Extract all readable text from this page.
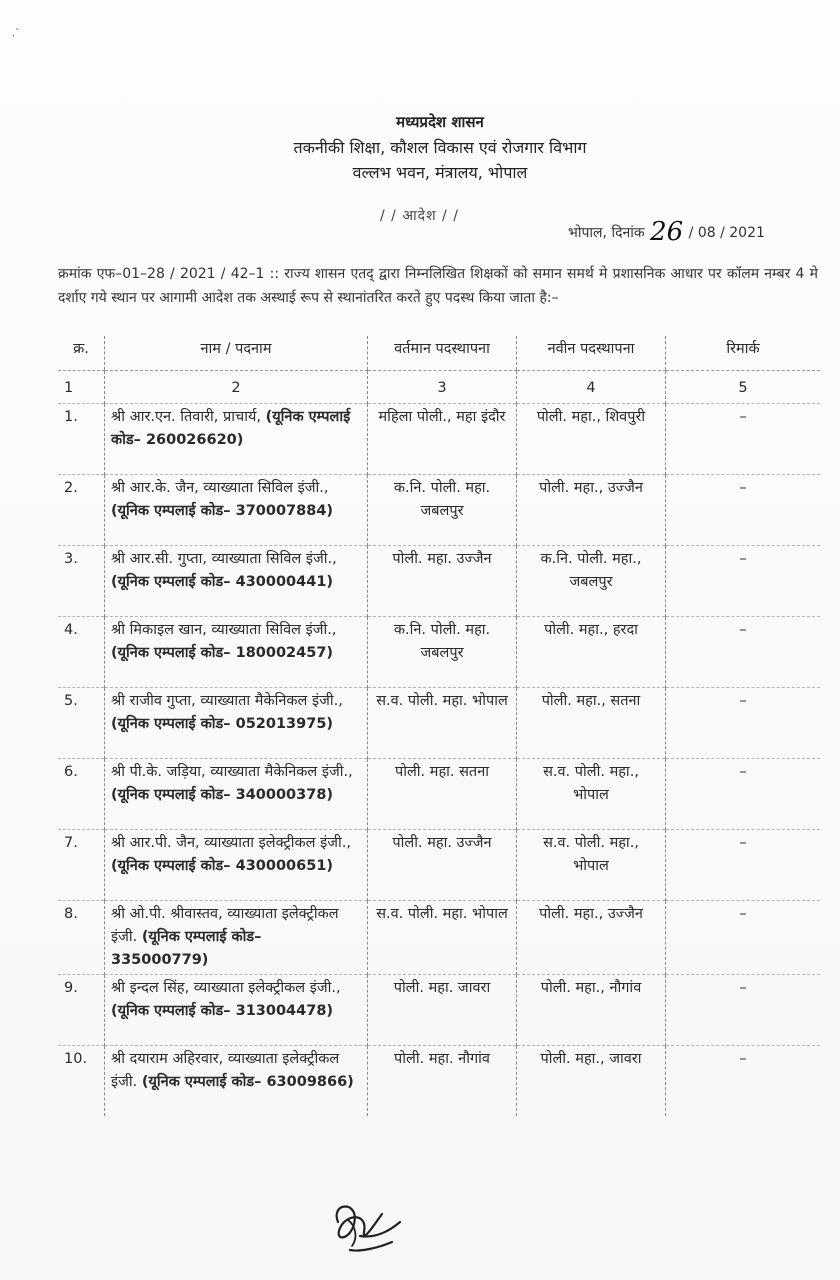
.`
मध्यप्रदेश शासन
तकनीकी शिक्षा, कौशल विकास एवं रोजगार विभाग
वल्लभ भवन, मंत्रालय, भोपाल
/ / आदेश / /
भोपाल, दिनांक 26 / 08 / 2021
क्रमांक एफ–01–28 / 2021 / 42–1 :: राज्य शासन एतद् द्वारा निम्नलिखित शिक्षकों को समान समर्थ मे प्रशासनिक आधार पर कॉलम नम्बर 4 मे दर्शाए गये स्थान पर आगामी आदेश तक अस्थाई रूप से स्थानांतरित करते हुए पदस्थ किया जाता है:–
क्र.	नाम / पदनाम	वर्तमान पदस्थापना	नवीन पदस्थापना	रिमार्क
1	2	3	4	5
1.	श्री आर.एन. तिवारी, प्राचार्य, (यूनिक एम्पलाई कोड– 260026620)	महिला पोली., महा इंदौर	पोली. महा., शिवपुरी	–
2.	श्री आर.के. जैन, व्याख्याता सिविल इंजी., (यूनिक एम्पलाई कोड– 370007884)	क.नि. पोली. महा. जबलपुर	पोली. महा., उज्जैन	–
3.	श्री आर.सी. गुप्ता, व्याख्याता सिविल इंजी., (यूनिक एम्पलाई कोड– 430000441)	पोली. महा. उज्जैन	क.नि. पोली. महा., जबलपुर	–
4.	श्री मिकाइल खान, व्याख्याता सिविल इंजी., (यूनिक एम्पलाई कोड– 180002457)	क.नि. पोली. महा. जबलपुर	पोली. महा., हरदा	–
5.	श्री राजीव गुप्ता, व्याख्याता मैकेनिकल इंजी., (यूनिक एम्पलाई कोड– 052013975)	स.व. पोली. महा. भोपाल	पोली. महा., सतना	–
6.	श्री पी.के. जड़िया, व्याख्याता मैकेनिकल इंजी., (यूनिक एम्पलाई कोड– 340000378)	पोली. महा. सतना	स.व. पोली. महा., भोपाल	–
7.	श्री आर.पी. जैन, व्याख्याता इलेक्ट्रीकल इंजी., (यूनिक एम्पलाई कोड– 430000651)	पोली. महा. उज्जैन	स.व. पोली. महा., भोपाल	–
8.	श्री ओ.पी. श्रीवास्तव, व्याख्याता इलेक्ट्रीकल इंजी. (यूनिक एम्पलाई कोड– 335000779)	स.व. पोली. महा. भोपाल	पोली. महा., उज्जैन	–
9.	श्री इन्दल सिंह, व्याख्याता इलेक्ट्रीकल इंजी., (यूनिक एम्पलाई कोड– 313004478)	पोली. महा. जावरा	पोली. महा., नौगांव	–
10.	श्री दयाराम अहिरवार, व्याख्याता इलेक्ट्रीकल इंजी. (यूनिक एम्पलाई कोड– 63009866)	पोली. महा. नौगांव	पोली. महा., जावरा	–
